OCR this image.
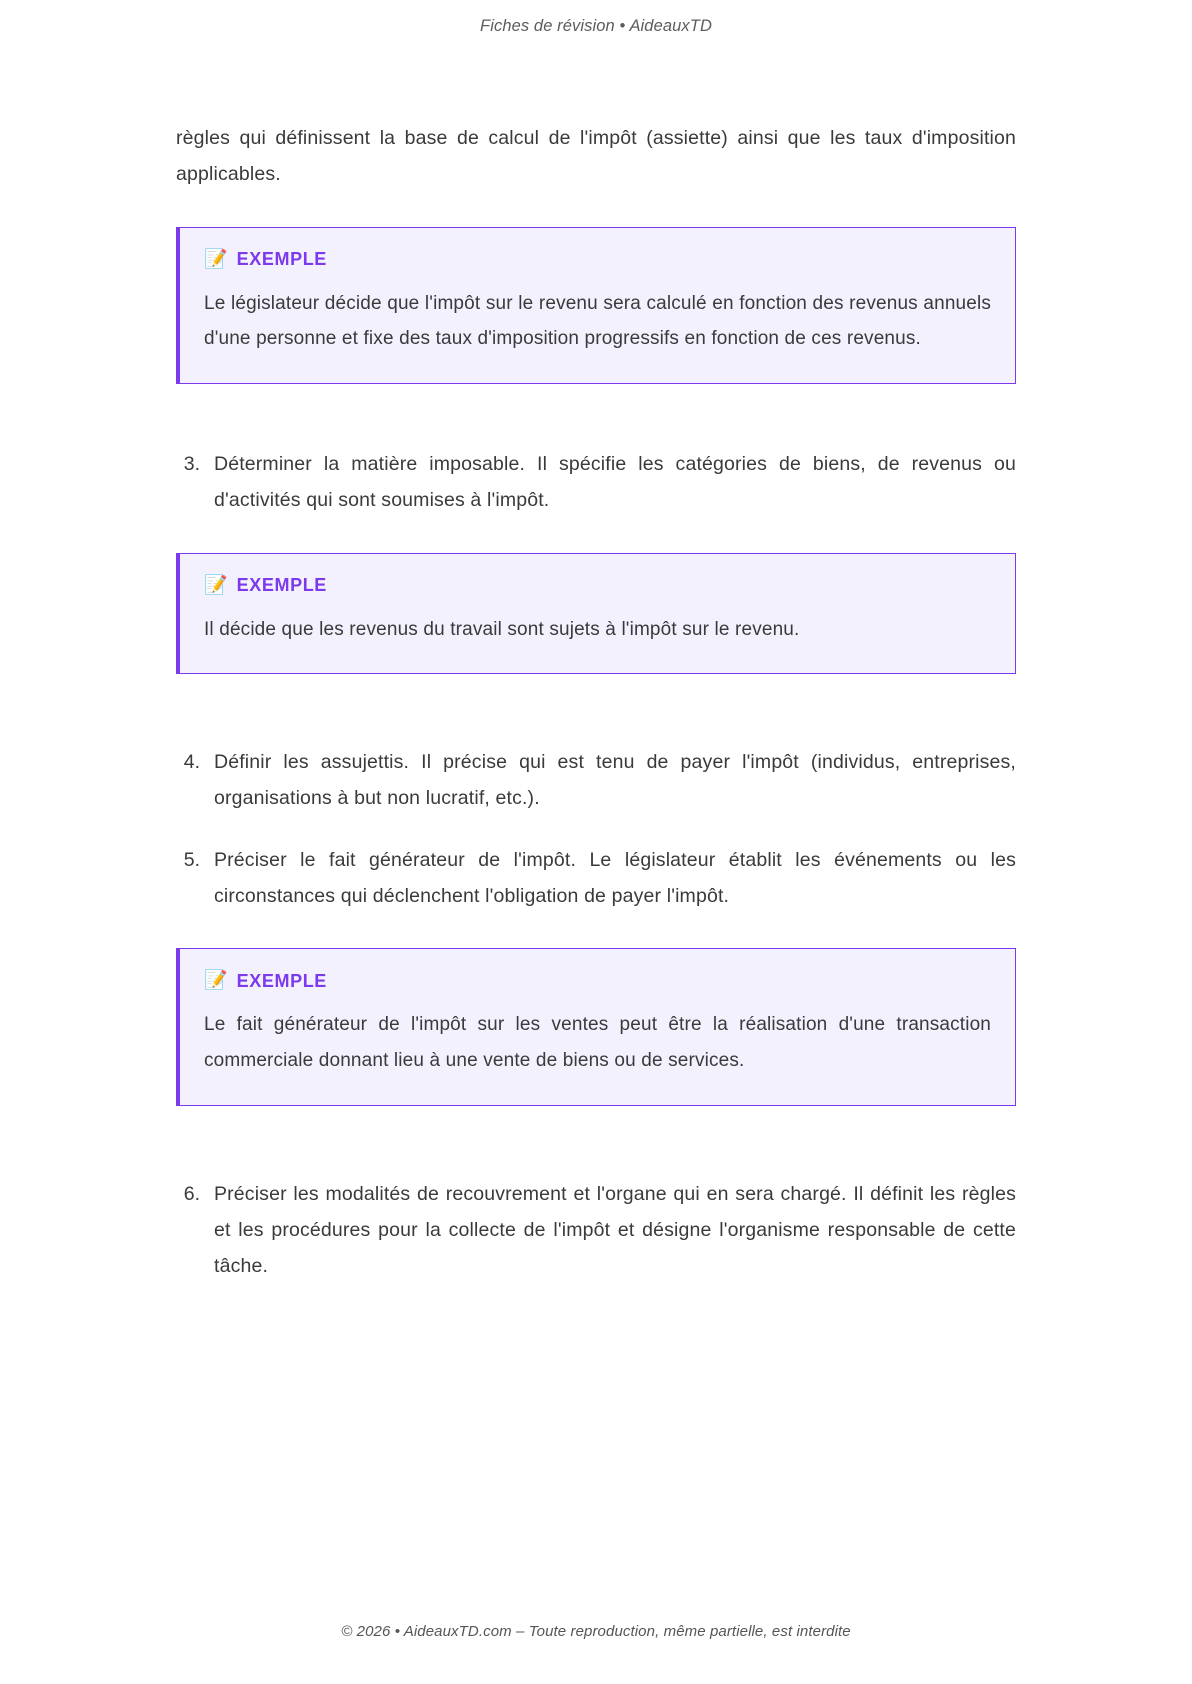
Fiches de révision • AideauxTD

règles qui définissent la base de calcul de l'impôt (assiette) ainsi que les taux d'imposition applicables.

📝 EXEMPLE

Le législateur décide que l'impôt sur le revenu sera calculé en fonction des revenus annuels d'une personne et fixe des taux d'imposition progressifs en fonction de ces revenus.

3. Déterminer la matière imposable. Il spécifie les catégories de biens, de revenus ou d'activités qui sont soumises à l'impôt.
📝 EXEMPLE

Il décide que les revenus du travail sont sujets à l'impôt sur le revenu.

4. Définir les assujettis. Il précise qui est tenu de payer l'impôt (individus, entreprises, organisations à but non lucratif, etc.).
5. Préciser le fait générateur de l'impôt. Le législateur établit les événements ou les circonstances qui déclenchent l'obligation de payer l'impôt.
📝 EXEMPLE

Le fait générateur de l'impôt sur les ventes peut être la réalisation d'une transaction commerciale donnant lieu à une vente de biens ou de services.

6. Préciser les modalités de recouvrement et l'organe qui en sera chargé. Il définit les règles et les procédures pour la collecte de l'impôt et désigne l'organisme responsable de cette tâche.
© 2026 • AideauxTD.com – Toute reproduction, même partielle, est interdite
